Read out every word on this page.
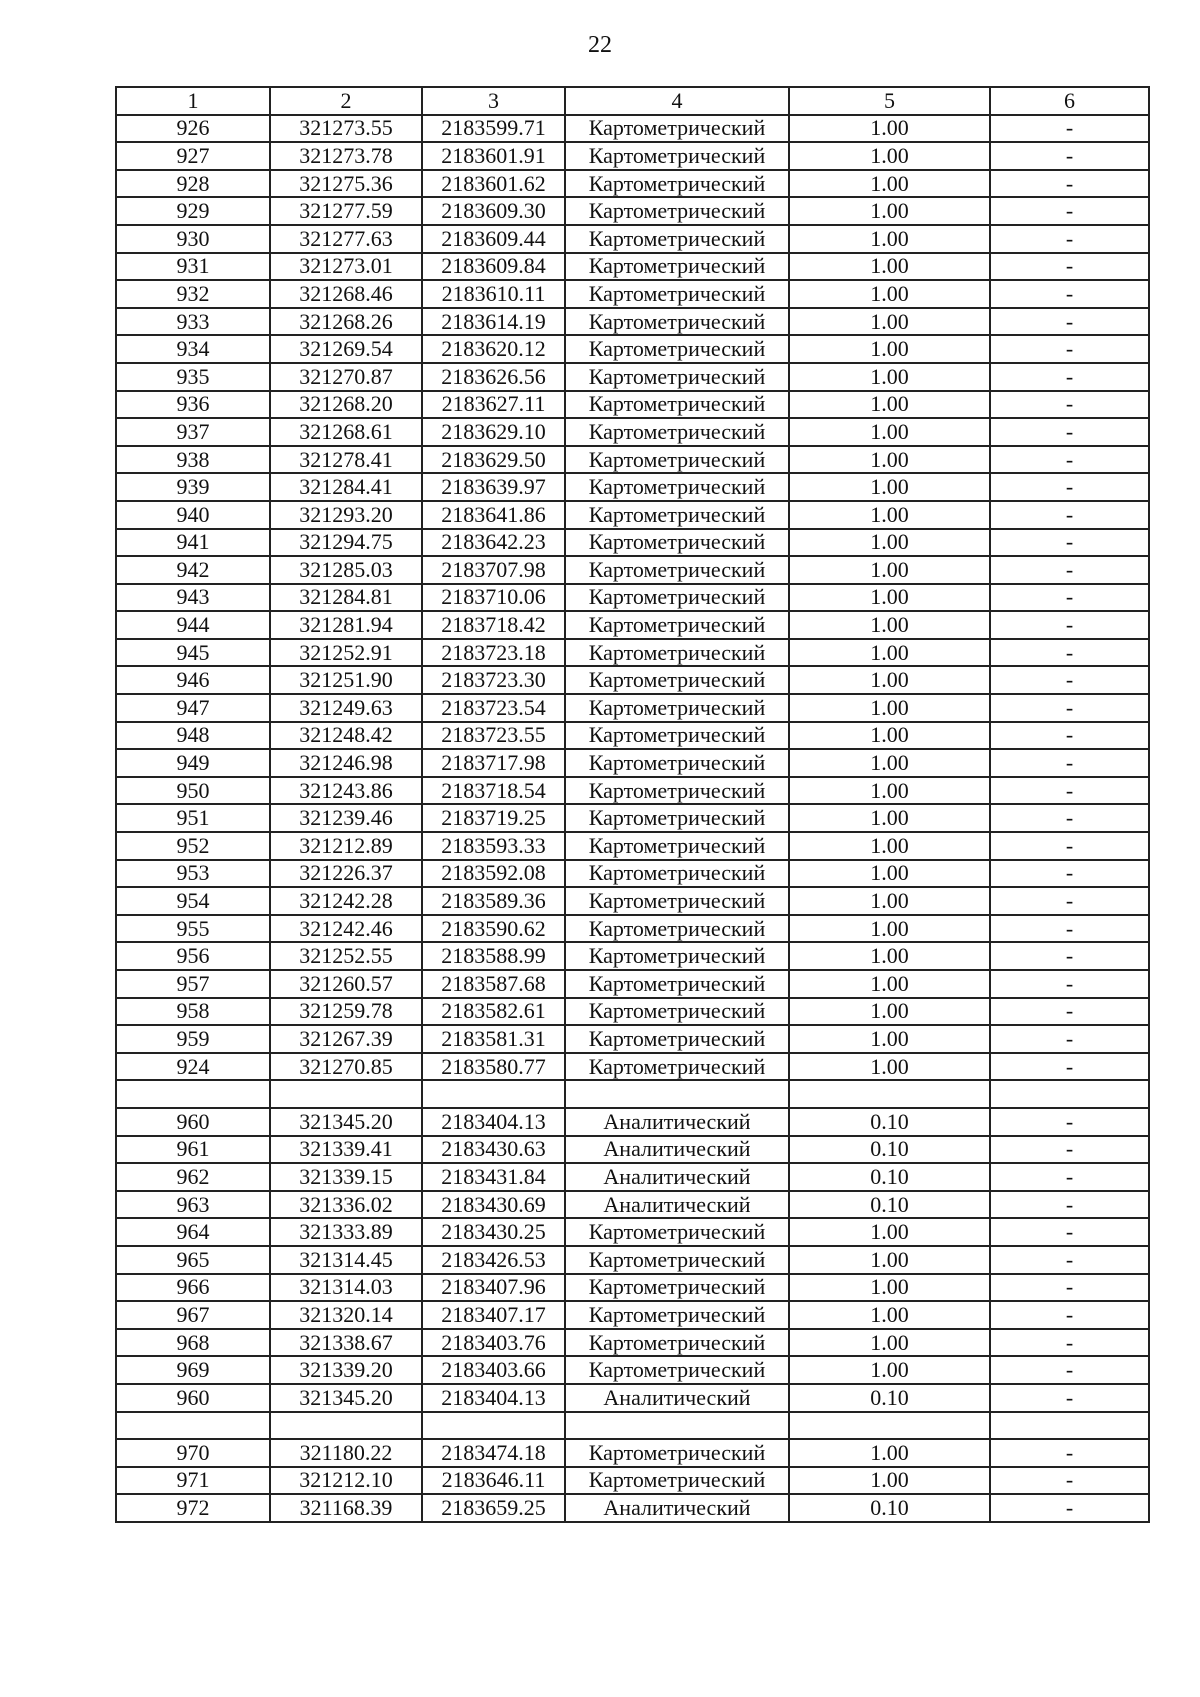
22
1	2	3	4	5	6
926	321273.55	2183599.71	Картометрический	1.00	-
927	321273.78	2183601.91	Картометрический	1.00	-
928	321275.36	2183601.62	Картометрический	1.00	-
929	321277.59	2183609.30	Картометрический	1.00	-
930	321277.63	2183609.44	Картометрический	1.00	-
931	321273.01	2183609.84	Картометрический	1.00	-
932	321268.46	2183610.11	Картометрический	1.00	-
933	321268.26	2183614.19	Картометрический	1.00	-
934	321269.54	2183620.12	Картометрический	1.00	-
935	321270.87	2183626.56	Картометрический	1.00	-
936	321268.20	2183627.11	Картометрический	1.00	-
937	321268.61	2183629.10	Картометрический	1.00	-
938	321278.41	2183629.50	Картометрический	1.00	-
939	321284.41	2183639.97	Картометрический	1.00	-
940	321293.20	2183641.86	Картометрический	1.00	-
941	321294.75	2183642.23	Картометрический	1.00	-
942	321285.03	2183707.98	Картометрический	1.00	-
943	321284.81	2183710.06	Картометрический	1.00	-
944	321281.94	2183718.42	Картометрический	1.00	-
945	321252.91	2183723.18	Картометрический	1.00	-
946	321251.90	2183723.30	Картометрический	1.00	-
947	321249.63	2183723.54	Картометрический	1.00	-
948	321248.42	2183723.55	Картометрический	1.00	-
949	321246.98	2183717.98	Картометрический	1.00	-
950	321243.86	2183718.54	Картометрический	1.00	-
951	321239.46	2183719.25	Картометрический	1.00	-
952	321212.89	2183593.33	Картометрический	1.00	-
953	321226.37	2183592.08	Картометрический	1.00	-
954	321242.28	2183589.36	Картометрический	1.00	-
955	321242.46	2183590.62	Картометрический	1.00	-
956	321252.55	2183588.99	Картометрический	1.00	-
957	321260.57	2183587.68	Картометрический	1.00	-
958	321259.78	2183582.61	Картометрический	1.00	-
959	321267.39	2183581.31	Картометрический	1.00	-
924	321270.85	2183580.77	Картометрический	1.00	-

960	321345.20	2183404.13	Аналитический	0.10	-
961	321339.41	2183430.63	Аналитический	0.10	-
962	321339.15	2183431.84	Аналитический	0.10	-
963	321336.02	2183430.69	Аналитический	0.10	-
964	321333.89	2183430.25	Картометрический	1.00	-
965	321314.45	2183426.53	Картометрический	1.00	-
966	321314.03	2183407.96	Картометрический	1.00	-
967	321320.14	2183407.17	Картометрический	1.00	-
968	321338.67	2183403.76	Картометрический	1.00	-
969	321339.20	2183403.66	Картометрический	1.00	-
960	321345.20	2183404.13	Аналитический	0.10	-

970	321180.22	2183474.18	Картометрический	1.00	-
971	321212.10	2183646.11	Картометрический	1.00	-
972	321168.39	2183659.25	Аналитический	0.10	-
